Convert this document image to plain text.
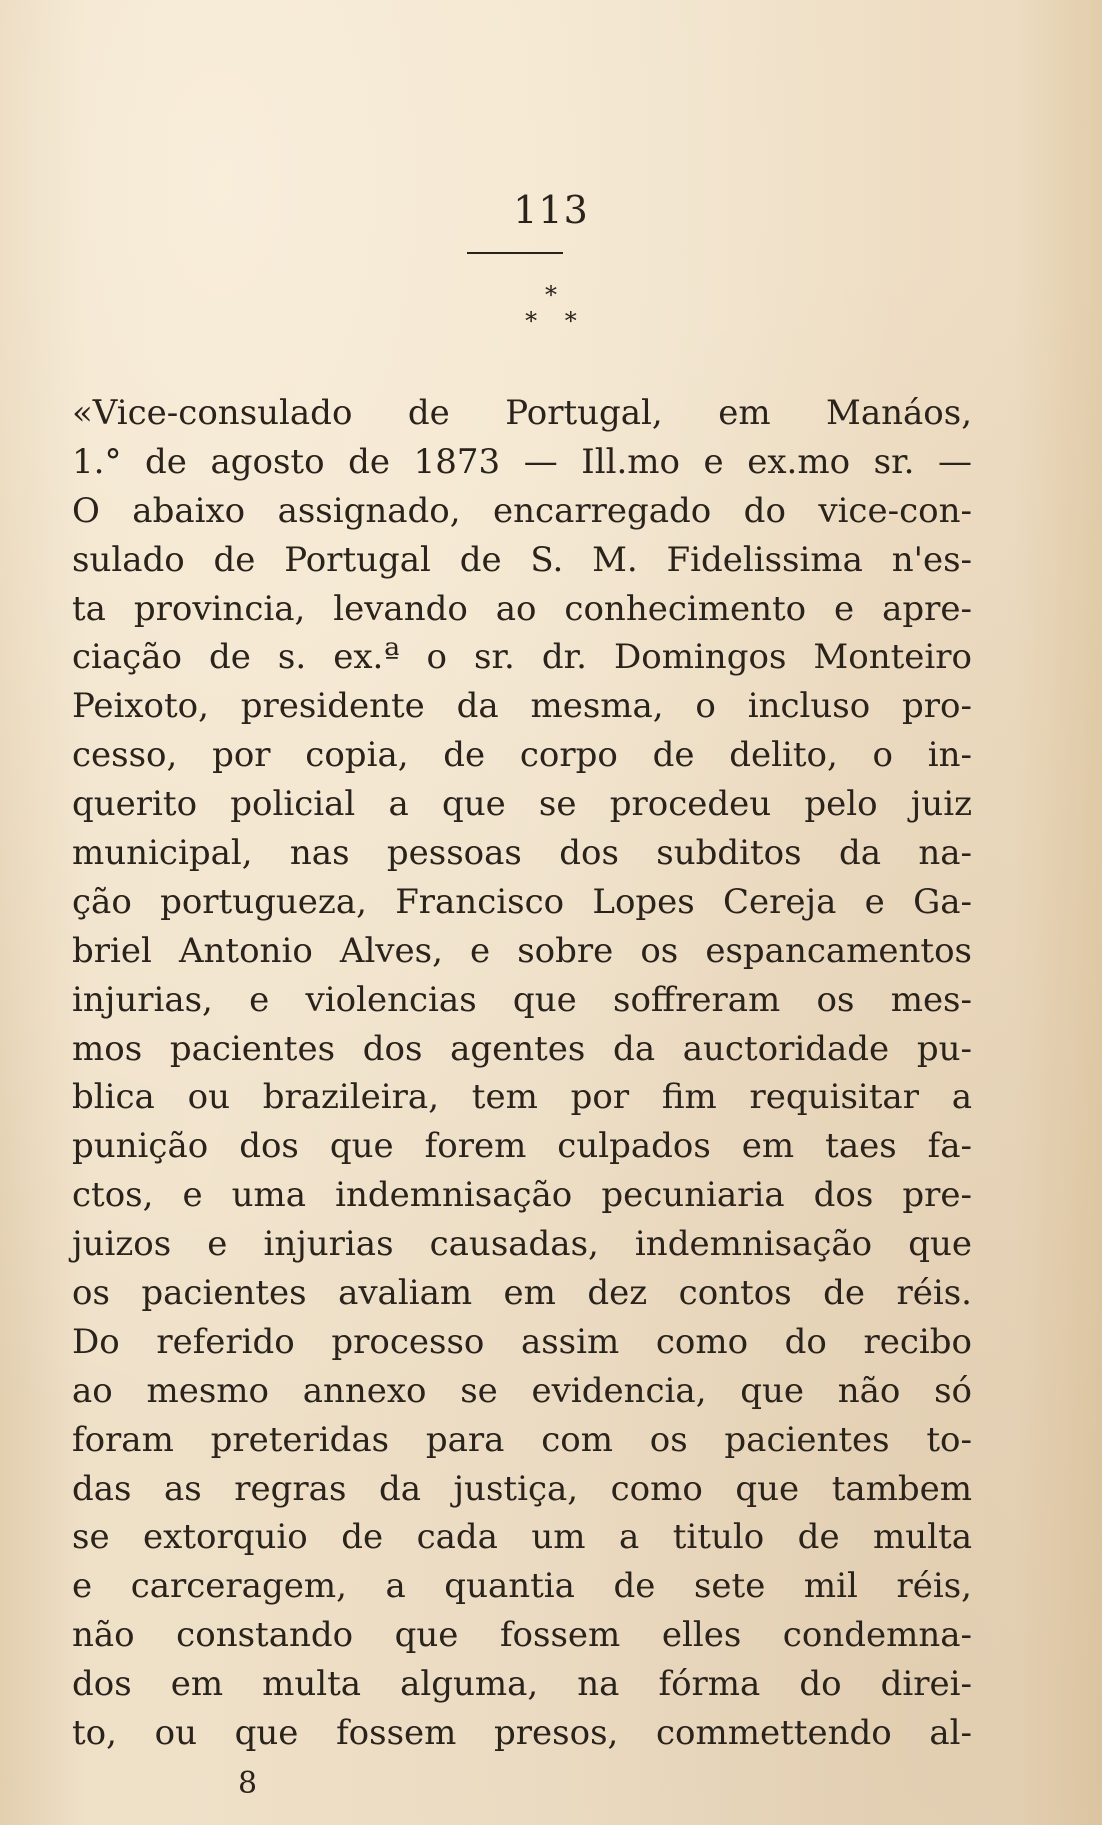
113
*
* *
«Vice-consulado de Portugal, em Manáos,
1.° de agosto de 1873 — Ill.mo e ex.mo sr. —
O abaixo assignado, encarregado do vice-con-
sulado de Portugal de S. M. Fidelissima n'es-
ta provincia, levando ao conhecimento e apre-
ciação de s. ex.ª o sr. dr. Domingos Monteiro
Peixoto, presidente da mesma, o incluso pro-
cesso, por copia, de corpo de delito, o in-
querito policial a que se procedeu pelo juiz
municipal, nas pessoas dos subditos da na-
ção portugueza, Francisco Lopes Cereja e Ga-
briel Antonio Alves, e sobre os espancamentos
injurias, e violencias que soffreram os mes-
mos pacientes dos agentes da auctoridade pu-
blica ou brazileira, tem por fim requisitar a
punição dos que forem culpados em taes fa-
ctos, e uma indemnisação pecuniaria dos pre-
juizos e injurias causadas, indemnisação que
os pacientes avaliam em dez contos de réis.
Do referido processo assim como do recibo
ao mesmo annexo se evidencia, que não só
foram preteridas para com os pacientes to-
das as regras da justiça, como que tambem
se extorquio de cada um a titulo de multa
e carceragem, a quantia de sete mil réis,
não constando que fossem elles condemna-
dos em multa alguma, na fórma do direi-
to, ou que fossem presos, commettendo al-
8
